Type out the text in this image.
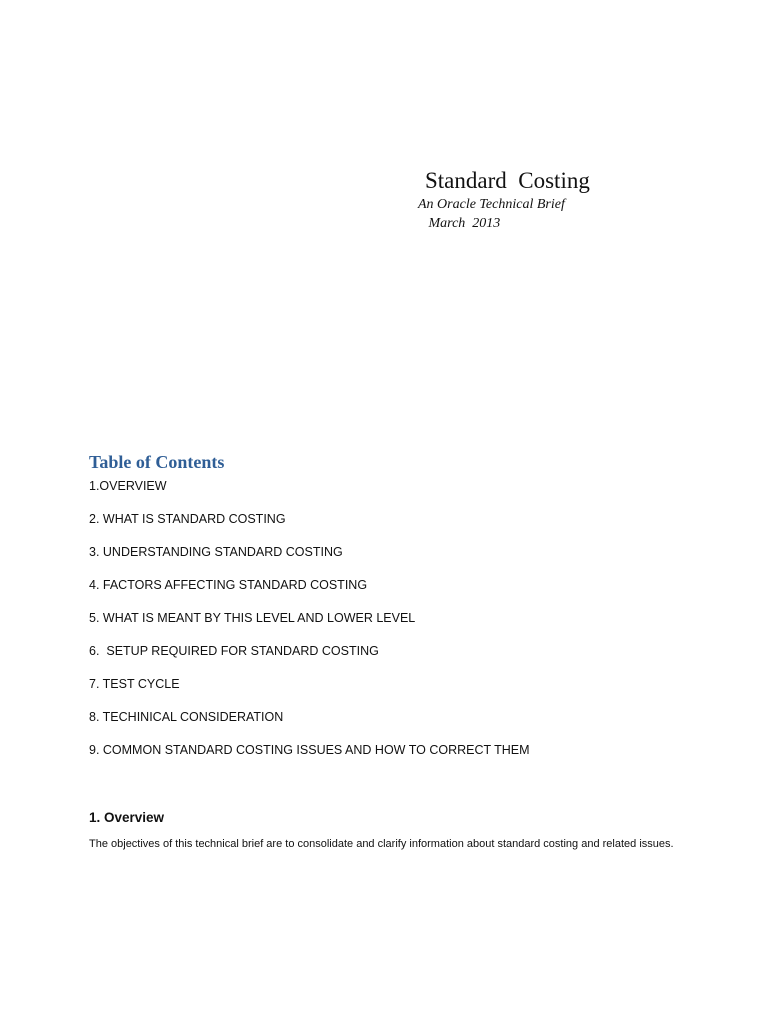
Standard  Costing
An Oracle Technical Brief
March  2013
Table of Contents
1.OVERVIEW
2. WHAT IS STANDARD COSTING
3. UNDERSTANDING STANDARD COSTING
4. FACTORS AFFECTING STANDARD COSTING
5. WHAT IS MEANT BY THIS LEVEL AND LOWER LEVEL
6.  SETUP REQUIRED FOR STANDARD COSTING
7. TEST CYCLE
8. TECHINICAL CONSIDERATION
9. COMMON STANDARD COSTING ISSUES AND HOW TO CORRECT THEM
1. Overview

The objectives of this technical brief are to consolidate and clarify information about standard costing and related issues.
